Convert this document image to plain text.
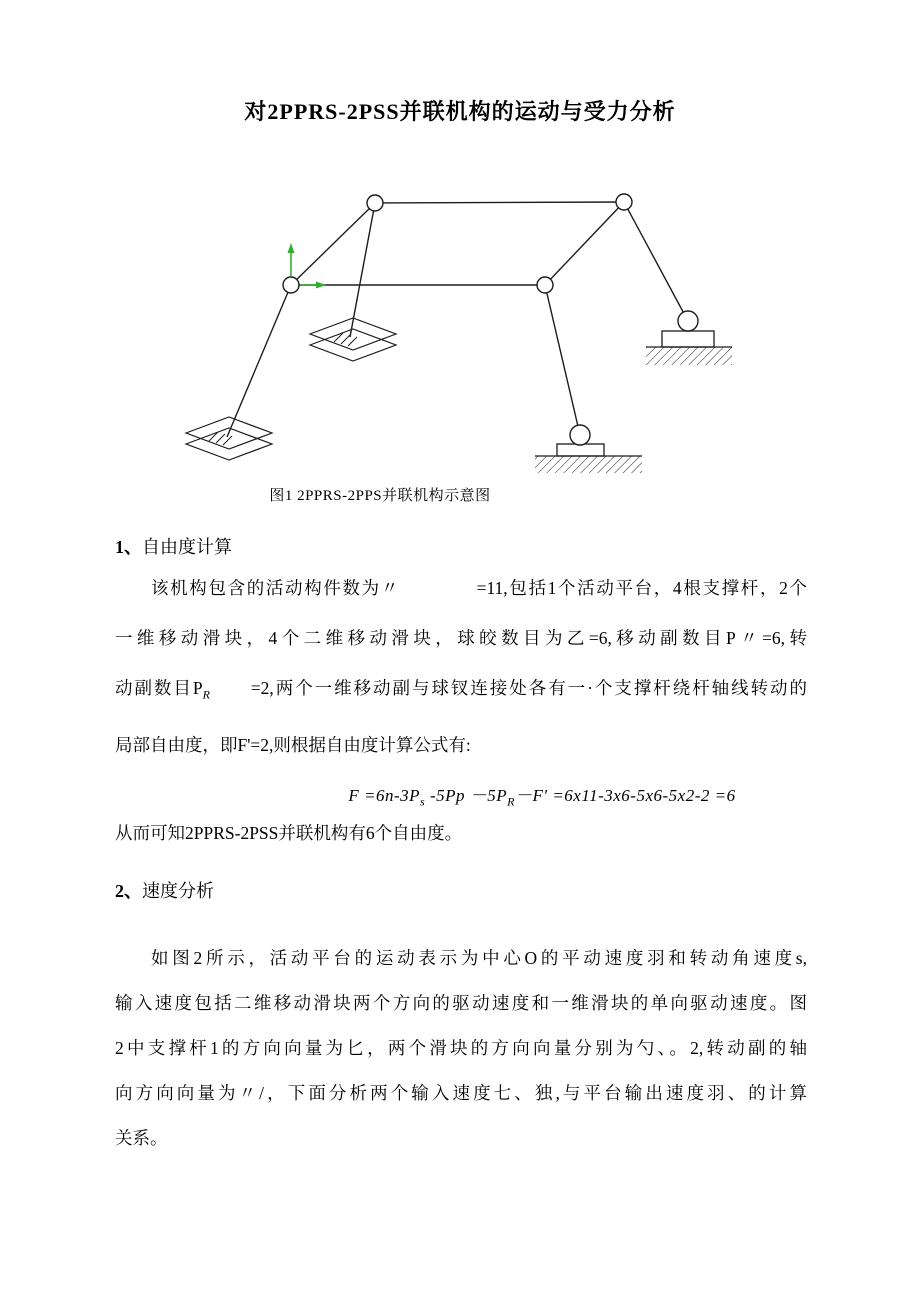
对2PPRS-2PSS并联机构的运动与受力分析
图1 2PPRS-2PPS并联机构示意图
1、自由度计算
该机构包含的活动构件数为〃　　　　=11,包括1个活动平台，4根支撑杆，2个
一维移动滑块，4个二维移动滑块，球皎数目为乙=6,移动副数目P〃=6,转
动副数目$P_R$　　=2,两个一维移动副与球钗连接处各有一·个支撑杆绕杆轴线转动的
局部自由度，即F'=2,则根据自由度计算公式有:
$F =6n-3P_s$ $-5Pp -5P_R-F' =6x11-3x6-5x6-5x2-2 =6$
从而可知2PPRS-2PSS并联机构有6个自由度。
2、速度分析
如图2所示，活动平台的运动表示为中心O的平动速度羽和转动角速度s,
输入速度包括二维移动滑块两个方向的驱动速度和一维滑块的单向驱动速度。图
2中支撑杆1的方向向量为匕，两个滑块的方向向量分别为勺、。2,转动副的轴
向方向向量为〃/，下面分析两个输入速度七、独,与平台输出速度羽、的计算
关系。
